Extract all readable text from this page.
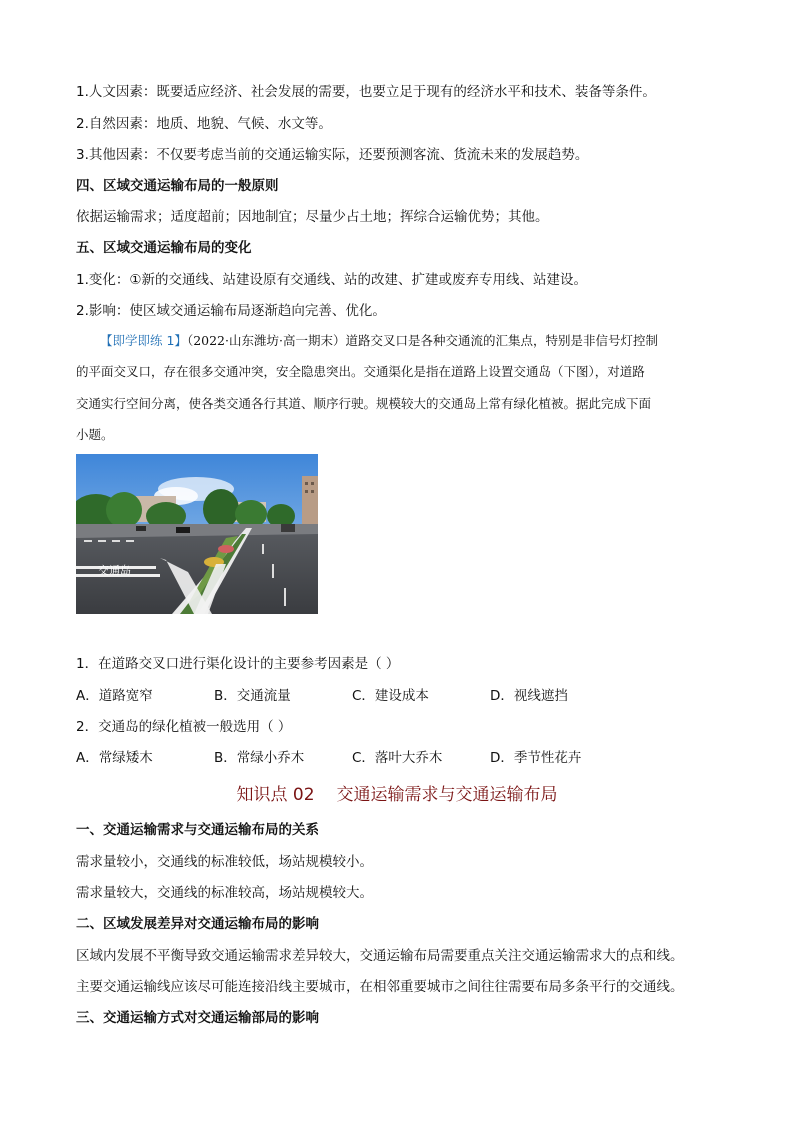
1.人文因素：既要适应经济、社会发展的需要，也要立足于现有的经济水平和技术、装备等条件。
2.自然因素：地质、地貌、气候、水文等。
3.其他因素：不仅要考虑当前的交通运输实际，还要预测客流、货流未来的发展趋势。
四、区域交通运输布局的一般原则
依据运输需求；适度超前；因地制宜；尽量少占土地；挥综合运输优势；其他。
五、区域交通运输布局的变化
1.变化：①新的交通线、站建设原有交通线、站的改建、扩建或废弃专用线、站建设。
2.影响：使区域交通运输布局逐渐趋向完善、优化。
【即学即练 1】（2022·山东潍坊·高一期末）道路交叉口是各种交通流的汇集点，特别是非信号灯控制
的平面交叉口，存在很多交通冲突，安全隐患突出。交通渠化是指在道路上设置交通岛（下图），对道路
交通实行空间分离，使各类交通各行其道、顺序行驶。规模较大的交通岛上常有绿化植被。据此完成下面
小题。
交通岛
1．在道路交叉口进行渠化设计的主要参考因素是（ ）
A．道路宽窄	B．交通流量	C．建设成本	D．视线遮挡
2．交通岛的绿化植被一般选用（ ）
A．常绿矮木	B．常绿小乔木	C．落叶大乔木	D．季节性花卉
知识点 02 交通运输需求与交通运输布局
一、交通运输需求与交通运输布局的关系
需求量较小，交通线的标准较低，场站规模较小。
需求量较大，交通线的标准较高，场站规模较大。
二、区域发展差异对交通运输布局的影响
区域内发展不平衡导致交通运输需求差异较大，交通运输布局需要重点关注交通运输需求大的点和线。
主要交通运输线应该尽可能连接沿线主要城市，在相邻重要城市之间往往需要布局多条平行的交通线。
三、交通运输方式对交通运输部局的影响
